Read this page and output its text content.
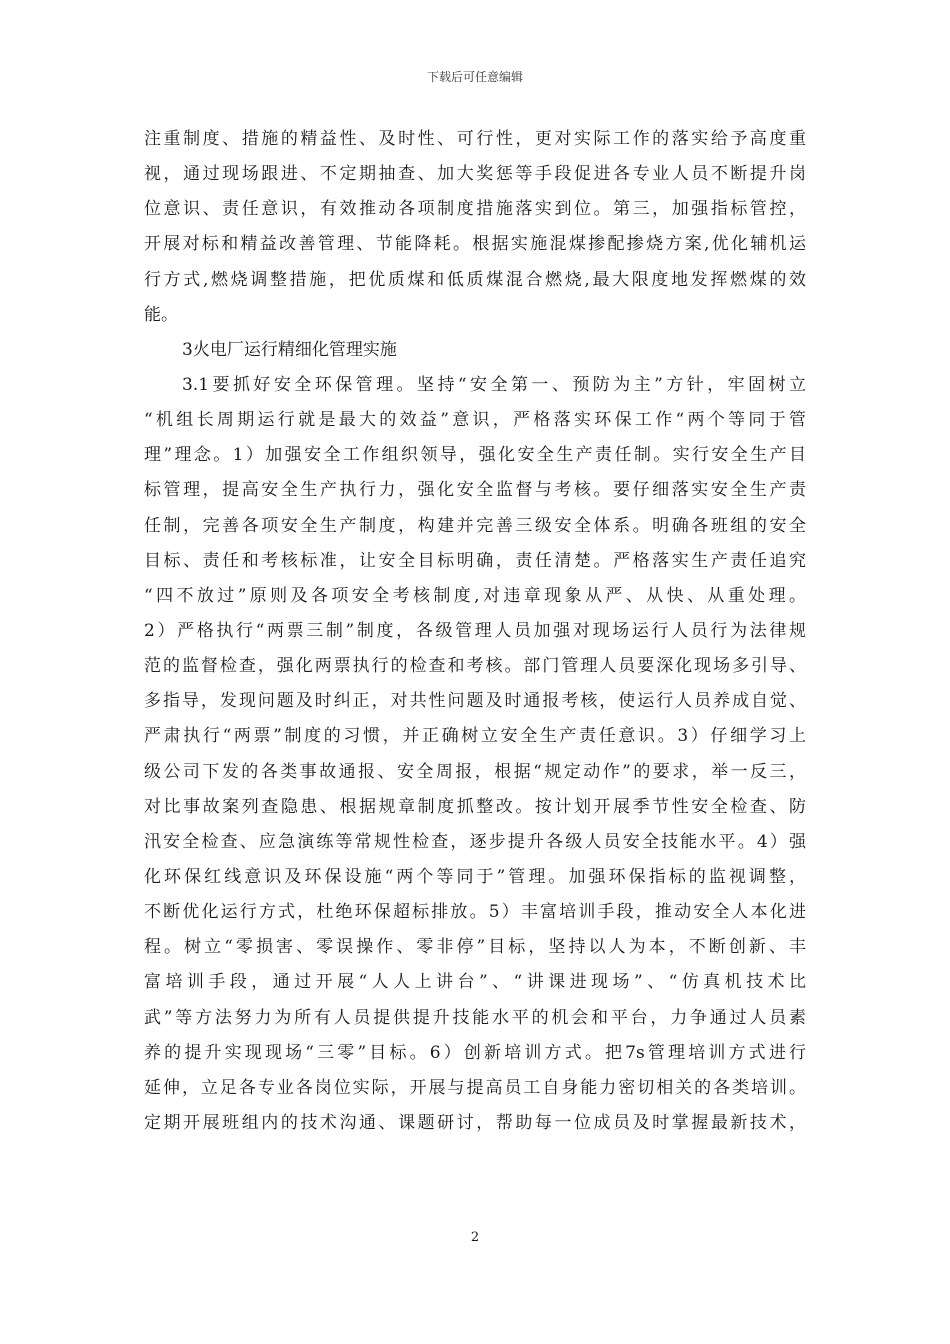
下载后可任意编辑
注重制度、措施的精益性、及时性、可行性，更对实际工作的落实给予高度重
视，通过现场跟进、不定期抽查、加大奖惩等手段促进各专业人员不断提升岗
位意识、责任意识，有效推动各项制度措施落实到位。第三，加强指标管控，
开展对标和精益改善管理、节能降耗。根据实施混煤掺配掺烧方案,优化辅机运
行方式,燃烧调整措施，把优质煤和低质煤混合燃烧,最大限度地发挥燃煤的效
能。
3火电厂运行精细化管理实施
3.1要抓好安全环保管理。坚持“安全第一、预防为主”方针，牢固树立
“机组长周期运行就是最大的效益”意识，严格落实环保工作“两个等同于管
理”理念。1）加强安全工作组织领导，强化安全生产责任制。实行安全生产目
标管理，提高安全生产执行力，强化安全监督与考核。要仔细落实安全生产责
任制，完善各项安全生产制度，构建并完善三级安全体系。明确各班组的安全
目标、责任和考核标准，让安全目标明确，责任清楚。严格落实生产责任追究
“四不放过”原则及各项安全考核制度,对违章现象从严、从快、从重处理。
2）严格执行“两票三制”制度，各级管理人员加强对现场运行人员行为法律规
范的监督检查，强化两票执行的检查和考核。部门管理人员要深化现场多引导、
多指导，发现问题及时纠正，对共性问题及时通报考核，使运行人员养成自觉、
严肃执行“两票”制度的习惯，并正确树立安全生产责任意识。3）仔细学习上
级公司下发的各类事故通报、安全周报，根据“规定动作”的要求，举一反三，
对比事故案列查隐患、根据规章制度抓整改。按计划开展季节性安全检查、防
汛安全检查、应急演练等常规性检查，逐步提升各级人员安全技能水平。4）强
化环保红线意识及环保设施“两个等同于”管理。加强环保指标的监视调整，
不断优化运行方式，杜绝环保超标排放。5）丰富培训手段，推动安全人本化进
程。树立“零损害、零误操作、零非停”目标，坚持以人为本，不断创新、丰
富培训手段，通过开展“人人上讲台”、“讲课进现场”、“仿真机技术比
武”等方法努力为所有人员提供提升技能水平的机会和平台，力争通过人员素
养的提升实现现场“三零”目标。6）创新培训方式。把7s管理培训方式进行
延伸，立足各专业各岗位实际，开展与提高员工自身能力密切相关的各类培训。
定期开展班组内的技术沟通、课题研讨，帮助每一位成员及时掌握最新技术，
2
